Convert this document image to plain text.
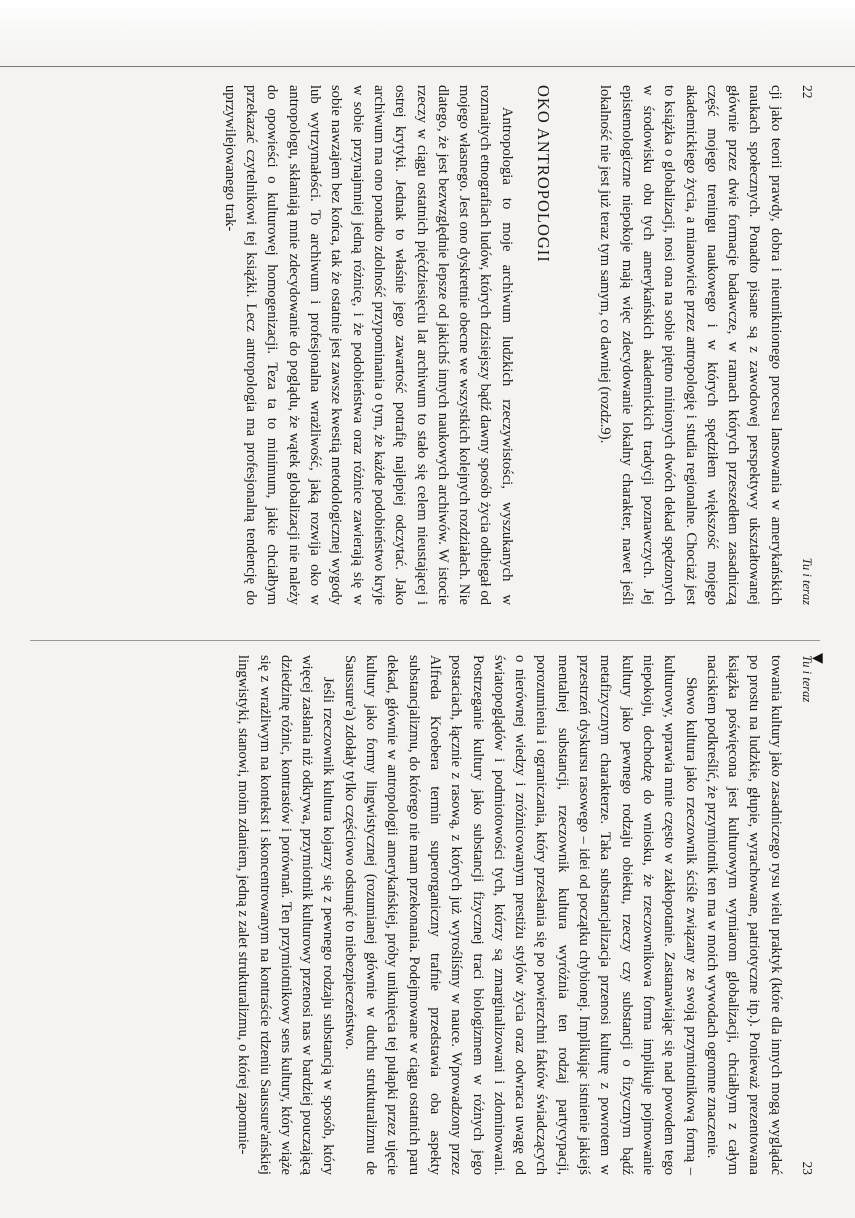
◀
22
Tu i teraz

cji jako teorii prawdy, dobra i nieuniknionego procesu lansowania w amerykańskich naukach społecznych. Ponadto pisane są z zawodowej perspektywy ukształtowanej głównie przez dwie formacje badawcze, w ramach których przeszedłem zasadniczą część mojego treningu naukowego i w których spędziłem większość mojego akademickiego życia, a mianowicie przez antropologię i studia regionalne. Chociaż jest to książka o globalizacji, nosi ona na sobie piętno minionych dwóch dekad spędzonych w środowisku obu tych amerykańskich akademickich tradycji poznawczych. Jej epistemologiczne niepokoje mają więc zdecydowanie lokalny charakter, nawet jeśli lokalność nie jest już teraz tym samym, co dawniej (rozdz.9).

OKO ANTROPOLOGII

Antropologia to moje archiwum ludzkich rzeczywistości, wyszukanych w rozmaitych etnografiach ludów, których dzisiejszy bądź dawny sposób życia odbiegał od mojego własnego. Jest ono dyskretnie obecne we wszystkich kolejnych rozdziałach. Nie dlatego, że jest bezwzględnie lepsze od jakichś innych naukowych archiwów. W istocie rzeczy w ciągu ostatnich pięćdziesięciu lat archiwum to stało się celem nieustającej i ostrej krytyki. Jednak to właśnie jego zawartość potrafię najlepiej odczytać. Jako archiwum ma ono ponadto zdolność przypominania o tym, że każde podobieństwo kryje w sobie przynajmniej jedną różnicę, i że podobieństwa oraz różnice zawierają się w sobie nawzajem bez końca, tak że ostatnie jest zawsze kwestią metodologicznej wygody lub wytrzymałości. To archiwum i profesjonalna wrażliwość, jaką rozwija oko w antropologu, skłaniają mnie zdecydowanie do poglądu, że wątek globalizacji nie należy do opowieści o kulturowej homogenizacji. Teza ta to minimum, jakie chciałbym przekazać czytelnikowi tej książki. Lecz antropologia ma profesjonalną tendencję do uprzywilejowanego trak-

Tu i teraz
23

towania kultury jako zasadniczego rysu wielu praktyk (które dla innych mogą wyglądać po prostu na ludzkie, głupie, wyrachowane, patriotyczne itp.). Ponieważ prezentowana książka poświęcona jest kulturowym wymiarom globalizacji, chciałbym z całym naciskiem podkreślić, że przymiotnik ten ma w moich wywodach ogromne znaczenie.

Słowo kultura jako rzeczownik ściśle związany ze swoją przymiotnikową formą – kulturowy, wprawia mnie często w zakłopotanie. Zastanawiając się nad powodem tego niepokoju, dochodzę do wniosku, że rzeczownikowa forma implikuje pojmowanie kultury jako pewnego rodzaju obiektu, rzeczy czy substancji o fizycznym bądź metafizycznym charakterze. Taka substancjalizacja przenosi kulturę z powrotem w przestrzeń dyskursu rasowego – idei od początku chybionej. Implikując istnienie jakiejś mentalnej substancji, rzeczownik kultura wyróżnia ten rodzaj partycypacji, porozumienia i ograniczania, który przesłania się po powierzchni faktów świadczących o nierównej wiedzy i zróżnicowanym prestiżu stylów życia oraz odwraca uwagę od światopoglądów i podmiotowości tych, którzy są zmarginalizowani i zdominowani. Postrzeganie kultury jako substancji fizycznej traci biologizmem w różnych jego postaciach, łącznie z rasową, z których już wyrośliśmy w nauce. Wprowadzony przez Alfreda Kroebera termin superorganiczny trafnie przedstawia oba aspekty substancjalizmu, do którego nie mam przekonania. Podejmowane w ciągu ostatnich paru dekad, głównie w antropologii amerykańskiej, próby uniknięcia tej pułapki przez ujęcie kultury jako formy lingwistycznej (rozumianej głównie w duchu strukturalizmu de Saussure'a) zdołały tylko częściowo odsunąć to niebezpieczeństwo.

Jeśli rzeczownik kultura kojarzy się z pewnego rodzaju substancją w sposób, który więcej zasłania niż odkrywa, przymiotnik kulturowy przenosi nas w bardziej pouczającą dziedzinę różnic, kontrastów i porównań. Ten przymiotnikowy sens kultury, który wiąże się z wrażliwym na kontekst i skoncentrowanym na kontraście rdzeniu Saussure'ańskiej lingwistyki, stanowi, moim zdaniem, jedną z zalet strukturalizmu, o której zapomnie-
